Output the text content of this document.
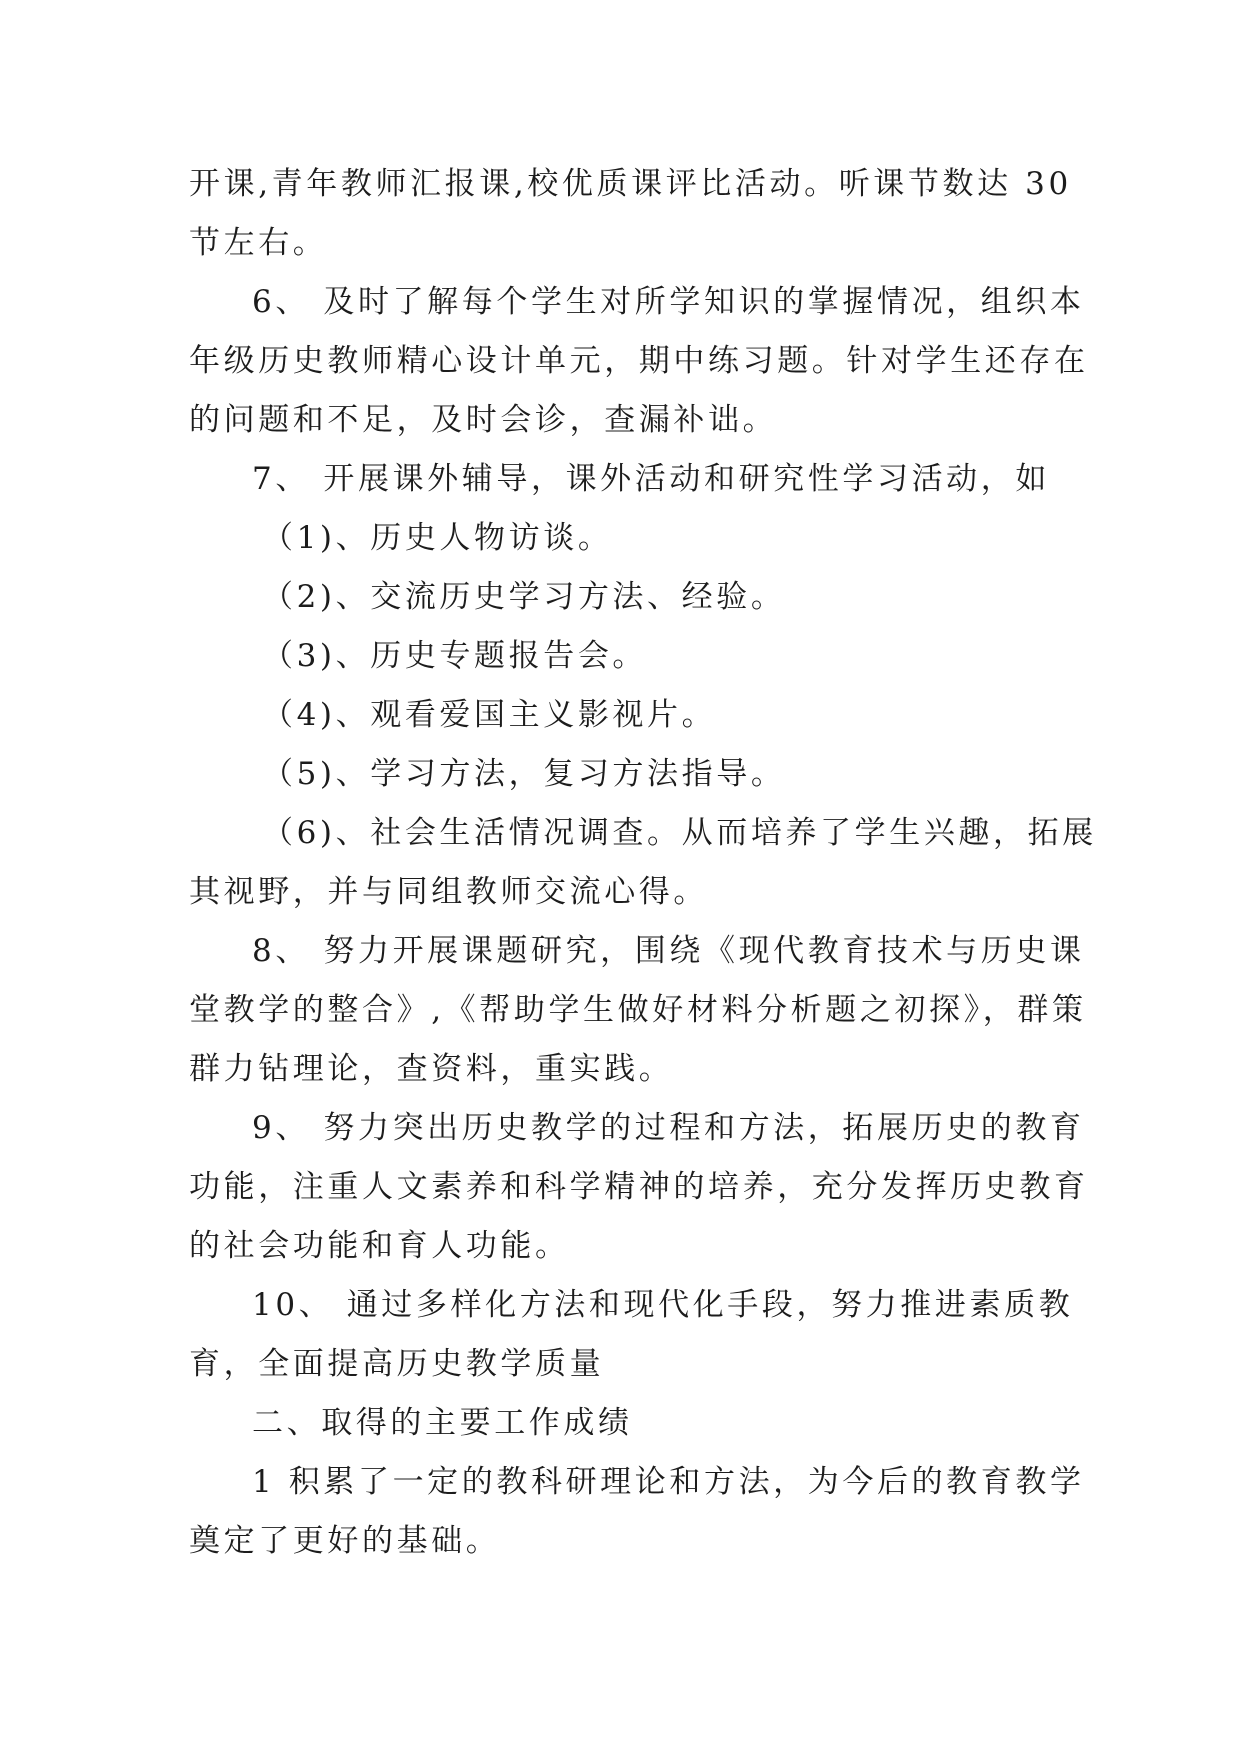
开课,青年教师汇报课,校优质课评比活动。听课节数达 30
节左右。
6、 及时了解每个学生对所学知识的掌握情况，组织本
年级历史教师精心设计单元，期中练习题。针对学生还存在
的问题和不足，及时会诊，查漏补诎。
7、 开展课外辅导，课外活动和研究性学习活动，如
（1)、历史人物访谈。
（2)、交流历史学习方法、经验。
（3)、历史专题报告会。
（4)、观看爱国主义影视片。
（5)、学习方法，复习方法指导。
（6)、社会生活情况调查。从而培养了学生兴趣，拓展
其视野，并与同组教师交流心得。
8、 努力开展课题研究，围绕《现代教育技术与历史课
堂教学的整合》,《帮助学生做好材料分析题之初探》，群策
群力钻理论，查资料，重实践。
9、 努力突出历史教学的过程和方法，拓展历史的教育
功能，注重人文素养和科学精神的培养，充分发挥历史教育
的社会功能和育人功能。
10、 通过多样化方法和现代化手段，努力推进素质教
育，全面提高历史教学质量
二、取得的主要工作成绩
1 积累了一定的教科研理论和方法，为今后的教育教学
奠定了更好的基础。
